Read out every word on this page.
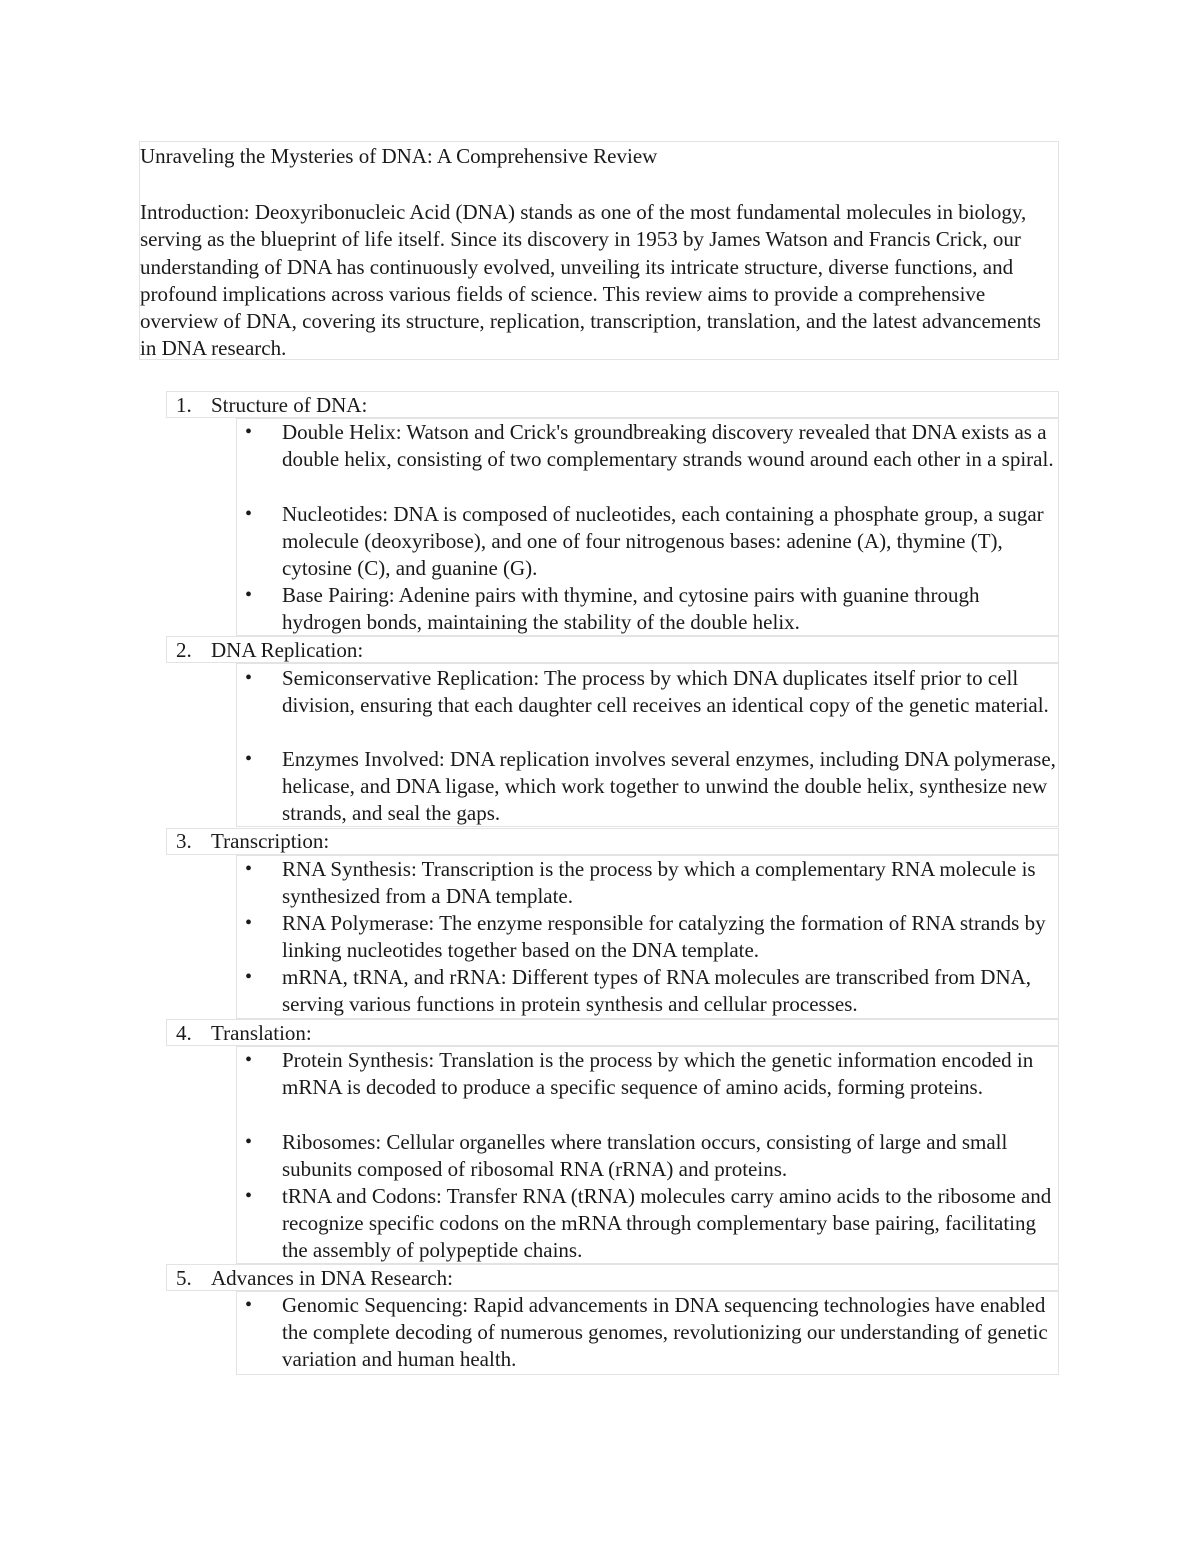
Unraveling the Mysteries of DNA: A Comprehensive Review

Introduction: Deoxyribonucleic Acid (DNA) stands as one of the most fundamental molecules in biology, serving as the blueprint of life itself. Since its discovery in 1953 by James Watson and Francis Crick, our understanding of DNA has continuously evolved, unveiling its intricate structure, diverse functions, and profound implications across various fields of science. This review aims to provide a comprehensive overview of DNA, covering its structure, replication, transcription, translation, and the latest advancements in DNA research.

1. Structure of DNA:
• Double Helix: Watson and Crick's groundbreaking discovery revealed that DNA exists as a double helix, consisting of two complementary strands wound around each other in a spiral.

• Nucleotides: DNA is composed of nucleotides, each containing a phosphate group, a sugar molecule (deoxyribose), and one of four nitrogenous bases: adenine (A), thymine (T), cytosine (C), and guanine (G).

• Base Pairing: Adenine pairs with thymine, and cytosine pairs with guanine through hydrogen bonds, maintaining the stability of the double helix.

2. DNA Replication:
• Semiconservative Replication: The process by which DNA duplicates itself prior to cell division, ensuring that each daughter cell receives an identical copy of the genetic material.

• Enzymes Involved: DNA replication involves several enzymes, including DNA polymerase, helicase, and DNA ligase, which work together to unwind the double helix, synthesize new strands, and seal the gaps.

3. Transcription:
• RNA Synthesis: Transcription is the process by which a complementary RNA molecule is synthesized from a DNA template.

• RNA Polymerase: The enzyme responsible for catalyzing the formation of RNA strands by linking nucleotides together based on the DNA template.

• mRNA, tRNA, and rRNA: Different types of RNA molecules are transcribed from DNA, serving various functions in protein synthesis and cellular processes.

4. Translation:
• Protein Synthesis: Translation is the process by which the genetic information encoded in mRNA is decoded to produce a specific sequence of amino acids, forming proteins.

• Ribosomes: Cellular organelles where translation occurs, consisting of large and small subunits composed of ribosomal RNA (rRNA) and proteins.

• tRNA and Codons: Transfer RNA (tRNA) molecules carry amino acids to the ribosome and recognize specific codons on the mRNA through complementary base pairing, facilitating the assembly of polypeptide chains.

5. Advances in DNA Research:
• Genomic Sequencing: Rapid advancements in DNA sequencing technologies have enabled the complete decoding of numerous genomes, revolutionizing our understanding of genetic variation and human health.
